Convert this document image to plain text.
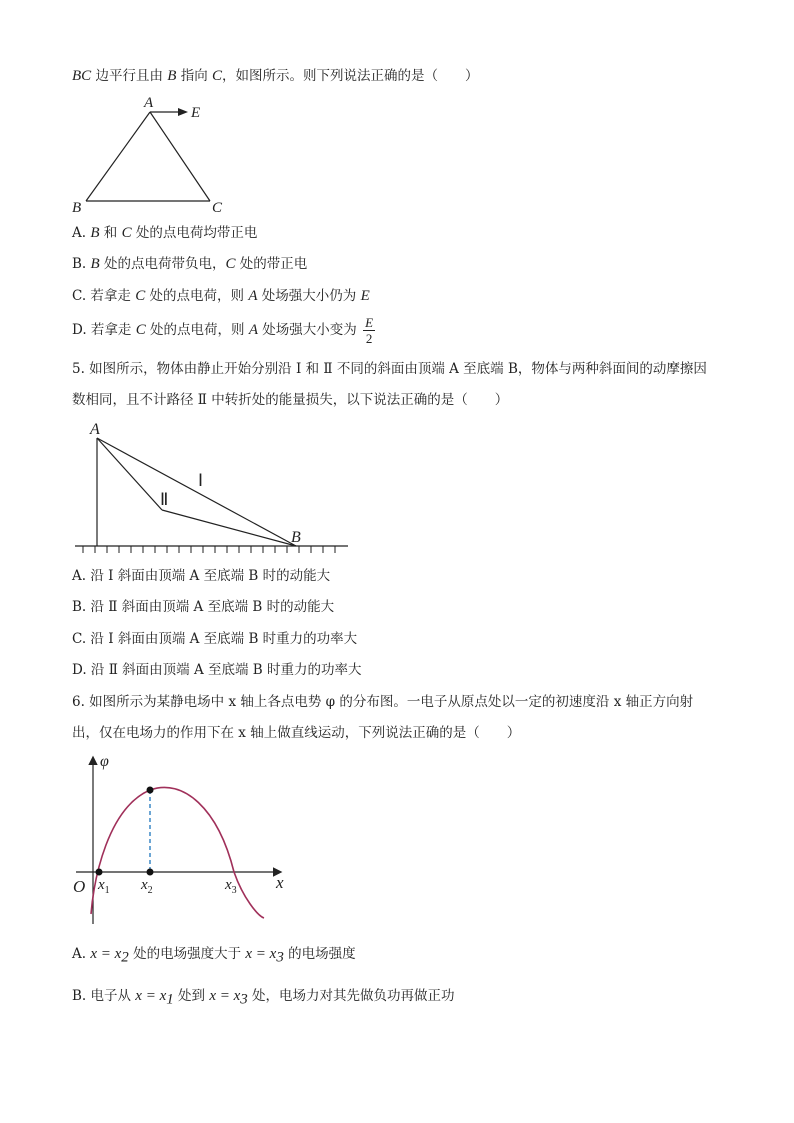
BC 边平行且由 B 指向 C，如图所示。则下列说法正确的是（　　）
A
E
B	C
A. B 和 C 处的点电荷均带正电
B. B 处的点电荷带负电，C 处的带正电
C. 若拿走 C 处的点电荷，则 A 处场强大小仍为 E
D. 若拿走 C 处的点电荷，则 A 处场强大小变为 $\frac{E}{2}$
5. 如图所示，物体由静止开始分别沿 Ⅰ 和 Ⅱ 不同的斜面由顶端 A 至底端 B，物体与两种斜面间的动摩擦因
数相同，且不计路径 Ⅱ 中转折处的能量损失，以下说法正确的是（　　）
A
B
Ⅰ
Ⅱ
A. 沿 Ⅰ 斜面由顶端 A 至底端 B 时的动能大
B. 沿 Ⅱ 斜面由顶端 A 至底端 B 时的动能大
C. 沿 Ⅰ 斜面由顶端 A 至底端 B 时重力的功率大
D. 沿 Ⅱ 斜面由顶端 A 至底端 B 时重力的功率大
6. 如图所示为某静电场中 x 轴上各点电势 φ 的分布图。一电子从原点处以一定的初速度沿 x 轴正方向射
出，仅在电场力的作用下在 x 轴上做直线运动，下列说法正确的是（　　）
φ
O	x
$x_1$ $x_2$	$x_3$
A. $x = x_2$ 处的电场强度大于 $x = x_3$ 的电场强度
B. 电子从 $x = x_1$ 处到 $x = x_3$ 处，电场力对其先做负功再做正功
